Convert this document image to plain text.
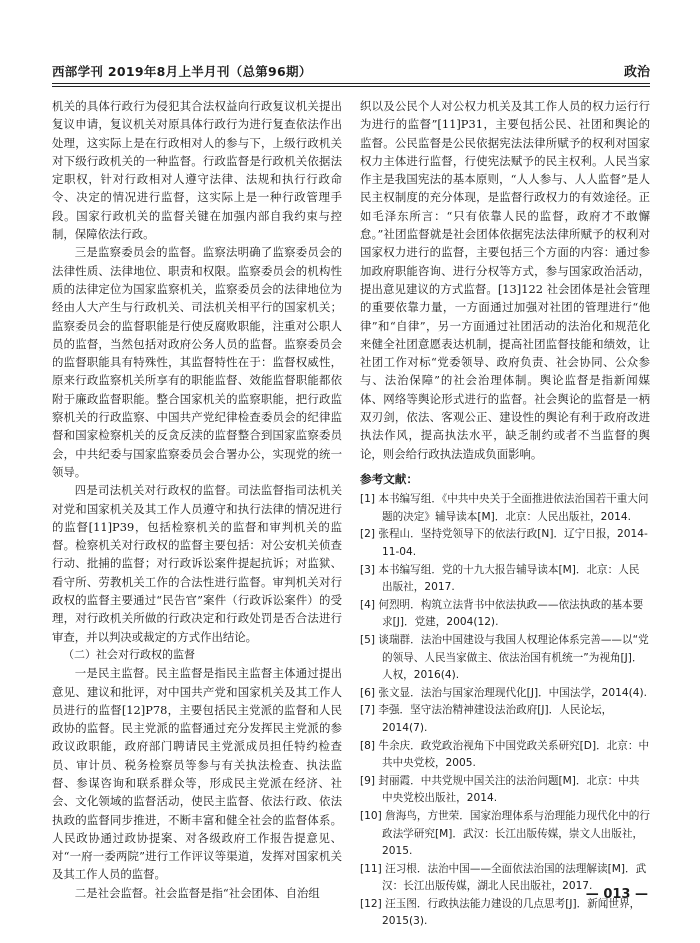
西部学刊 2019年8月上半月刊（总第96期）	政治

机关的具体行政行为侵犯其合法权益向行政复议机关提出复议申请，复议机关对原具体行政行为进行复查依法作出处理，这实际上是在行政相对人的参与下，上级行政机关对下级行政机关的一种监督。行政监督是行政机关依据法定职权，针对行政相对人遵守法律、法规和执行行政命令、决定的情况进行监督，这实际上是一种行政管理手段。国家行政机关的监督关键在加强内部自我约束与控制，保障依法行政。

三是监察委员会的监督。监察法明确了监察委员会的法律性质、法律地位、职责和权限。监察委员会的机构性质的法律定位为国家监察机关，监察委员会的法律地位为经由人大产生与行政机关、司法机关相平行的国家机关；监察委员会的监督职能是行使反腐败职能，注重对公职人员的监督，当然包括对政府公务人员的监督。监察委员会的监督职能具有特殊性，其监督特性在于：监督权威性，原来行政监察机关所享有的职能监督、效能监督职能都依附于廉政监督职能。整合国家机关的监察职能，把行政监察机关的行政监察、中国共产党纪律检查委员会的纪律监督和国家检察机关的反贪反渎的监督整合到国家监察委员会，中共纪委与国家监察委员会合署办公，实现党的统一领导。

四是司法机关对行政权的监督。司法监督指司法机关对党和国家机关及其工作人员遵守和执行法律的情况进行的监督[11]P39，包括检察机关的监督和审判机关的监督。检察机关对行政权的监督主要包括：对公安机关侦查行动、批捕的监督；对行政诉讼案件提起抗诉；对监狱、看守所、劳教机关工作的合法性进行监督。审判机关对行政权的监督主要通过“民告官”案件（行政诉讼案件）的受理，对行政机关所做的行政决定和行政处罚是否合法进行审查，并以判决或裁定的方式作出结论。

（二）社会对行政权的监督

一是民主监督。民主监督是指民主监督主体通过提出意见、建议和批评，对中国共产党和国家机关及其工作人员进行的监督[12]P78，主要包括民主党派的监督和人民政协的监督。民主党派的监督通过充分发挥民主党派的参政议政职能，政府部门聘请民主党派成员担任特约检查员、审计员、税务检察员等参与有关执法检查、执法监督、参谋咨询和联系群众等，形成民主党派在经济、社会、文化领域的监督活动，使民主监督、依法行政、依法执政的监督同步推进，不断丰富和健全社会的监督体系。人民政协通过政协提案、对各级政府工作报告提意见、对“一府一委两院”进行工作评议等渠道，发挥对国家机关及其工作人员的监督。

二是社会监督。社会监督是指“社会团体、自治组

织以及公民个人对公权力机关及其工作人员的权力运行行为进行的监督”[11]P31，主要包括公民、社团和舆论的监督。公民监督是公民依据宪法法律所赋予的权利对国家权力主体进行监督，行使宪法赋予的民主权利。人民当家作主是我国宪法的基本原则，“人人参与、人人监督”是人民主权制度的充分体现，是监督行政权力的有效途径。正如毛泽东所言：“只有依靠人民的监督，政府才不敢懈怠。”社团监督就是社会团体依据宪法法律所赋予的权利对国家权力进行的监督，主要包括三个方面的内容：通过参加政府职能咨询、进行分权等方式，参与国家政治活动，提出意见建议的方式监督。[13]122 社会团体是社会管理的重要依靠力量，一方面通过加强对社团的管理进行“他律”和“自律”，另一方面通过社团活动的法治化和规范化来健全社团意愿表达机制，提高社团监督技能和绩效，让社团工作对标“党委领导、政府负责、社会协同、公众参与、法治保障”的社会治理体制。舆论监督是指新闻媒体、网络等舆论形式进行的监督。社会舆论的监督是一柄双刃剑，依法、客观公正、建设性的舆论有利于政府改进执法作风，提高执法水平，缺乏制约或者不当监督的舆论，则会给行政执法造成负面影响。

参考文献：
[1] 本书编写组．《中共中央关于全面推进依法治国若干重大问题的决定》辅导读本[M]．北京：人民出版社，2014.
[2] 张程山．坚持党领导下的依法行政[N]．辽宁日报，2014-11-04.
[3] 本书编写组．党的十九大报告辅导读本[M]．北京：人民出版社，2017.
[4] 何烈明．构筑立法背书中依法执政——依法执政的基本要求[J]．党建，2004(12).
[5] 谈瑞群．法治中国建设与我国人权理论体系完善——以“党的领导、人民当家做主、依法治国有机统一”为视角[J]．人权，2016(4).
[6] 张文显．法治与国家治理现代化[J]．中国法学，2014(4).
[7] 李强．坚守法治精神建设法治政府[J]．人民论坛，2014(7).
[8] 牛余庆．政党政治视角下中国党政关系研究[D]．北京：中共中央党校，2005.
[9] 封丽霞．中共党规中国关注的法治问题[M]．北京：中共中央党校出版社，2014.
[10] 詹海鸟，方世荣．国家治理体系与治理能力现代化中的行政法学研究[M]．武汉：长江出版传媒，崇文人出版社，2015.
[11] 汪习根．法治中国——全面依法治国的法理解读[M]．武汉：长江出版传媒，湖北人民出版社，2017.
[12] 汪玉图．行政执法能力建设的几点思考[J]．新闻世界，2015(3).
— 013 —
